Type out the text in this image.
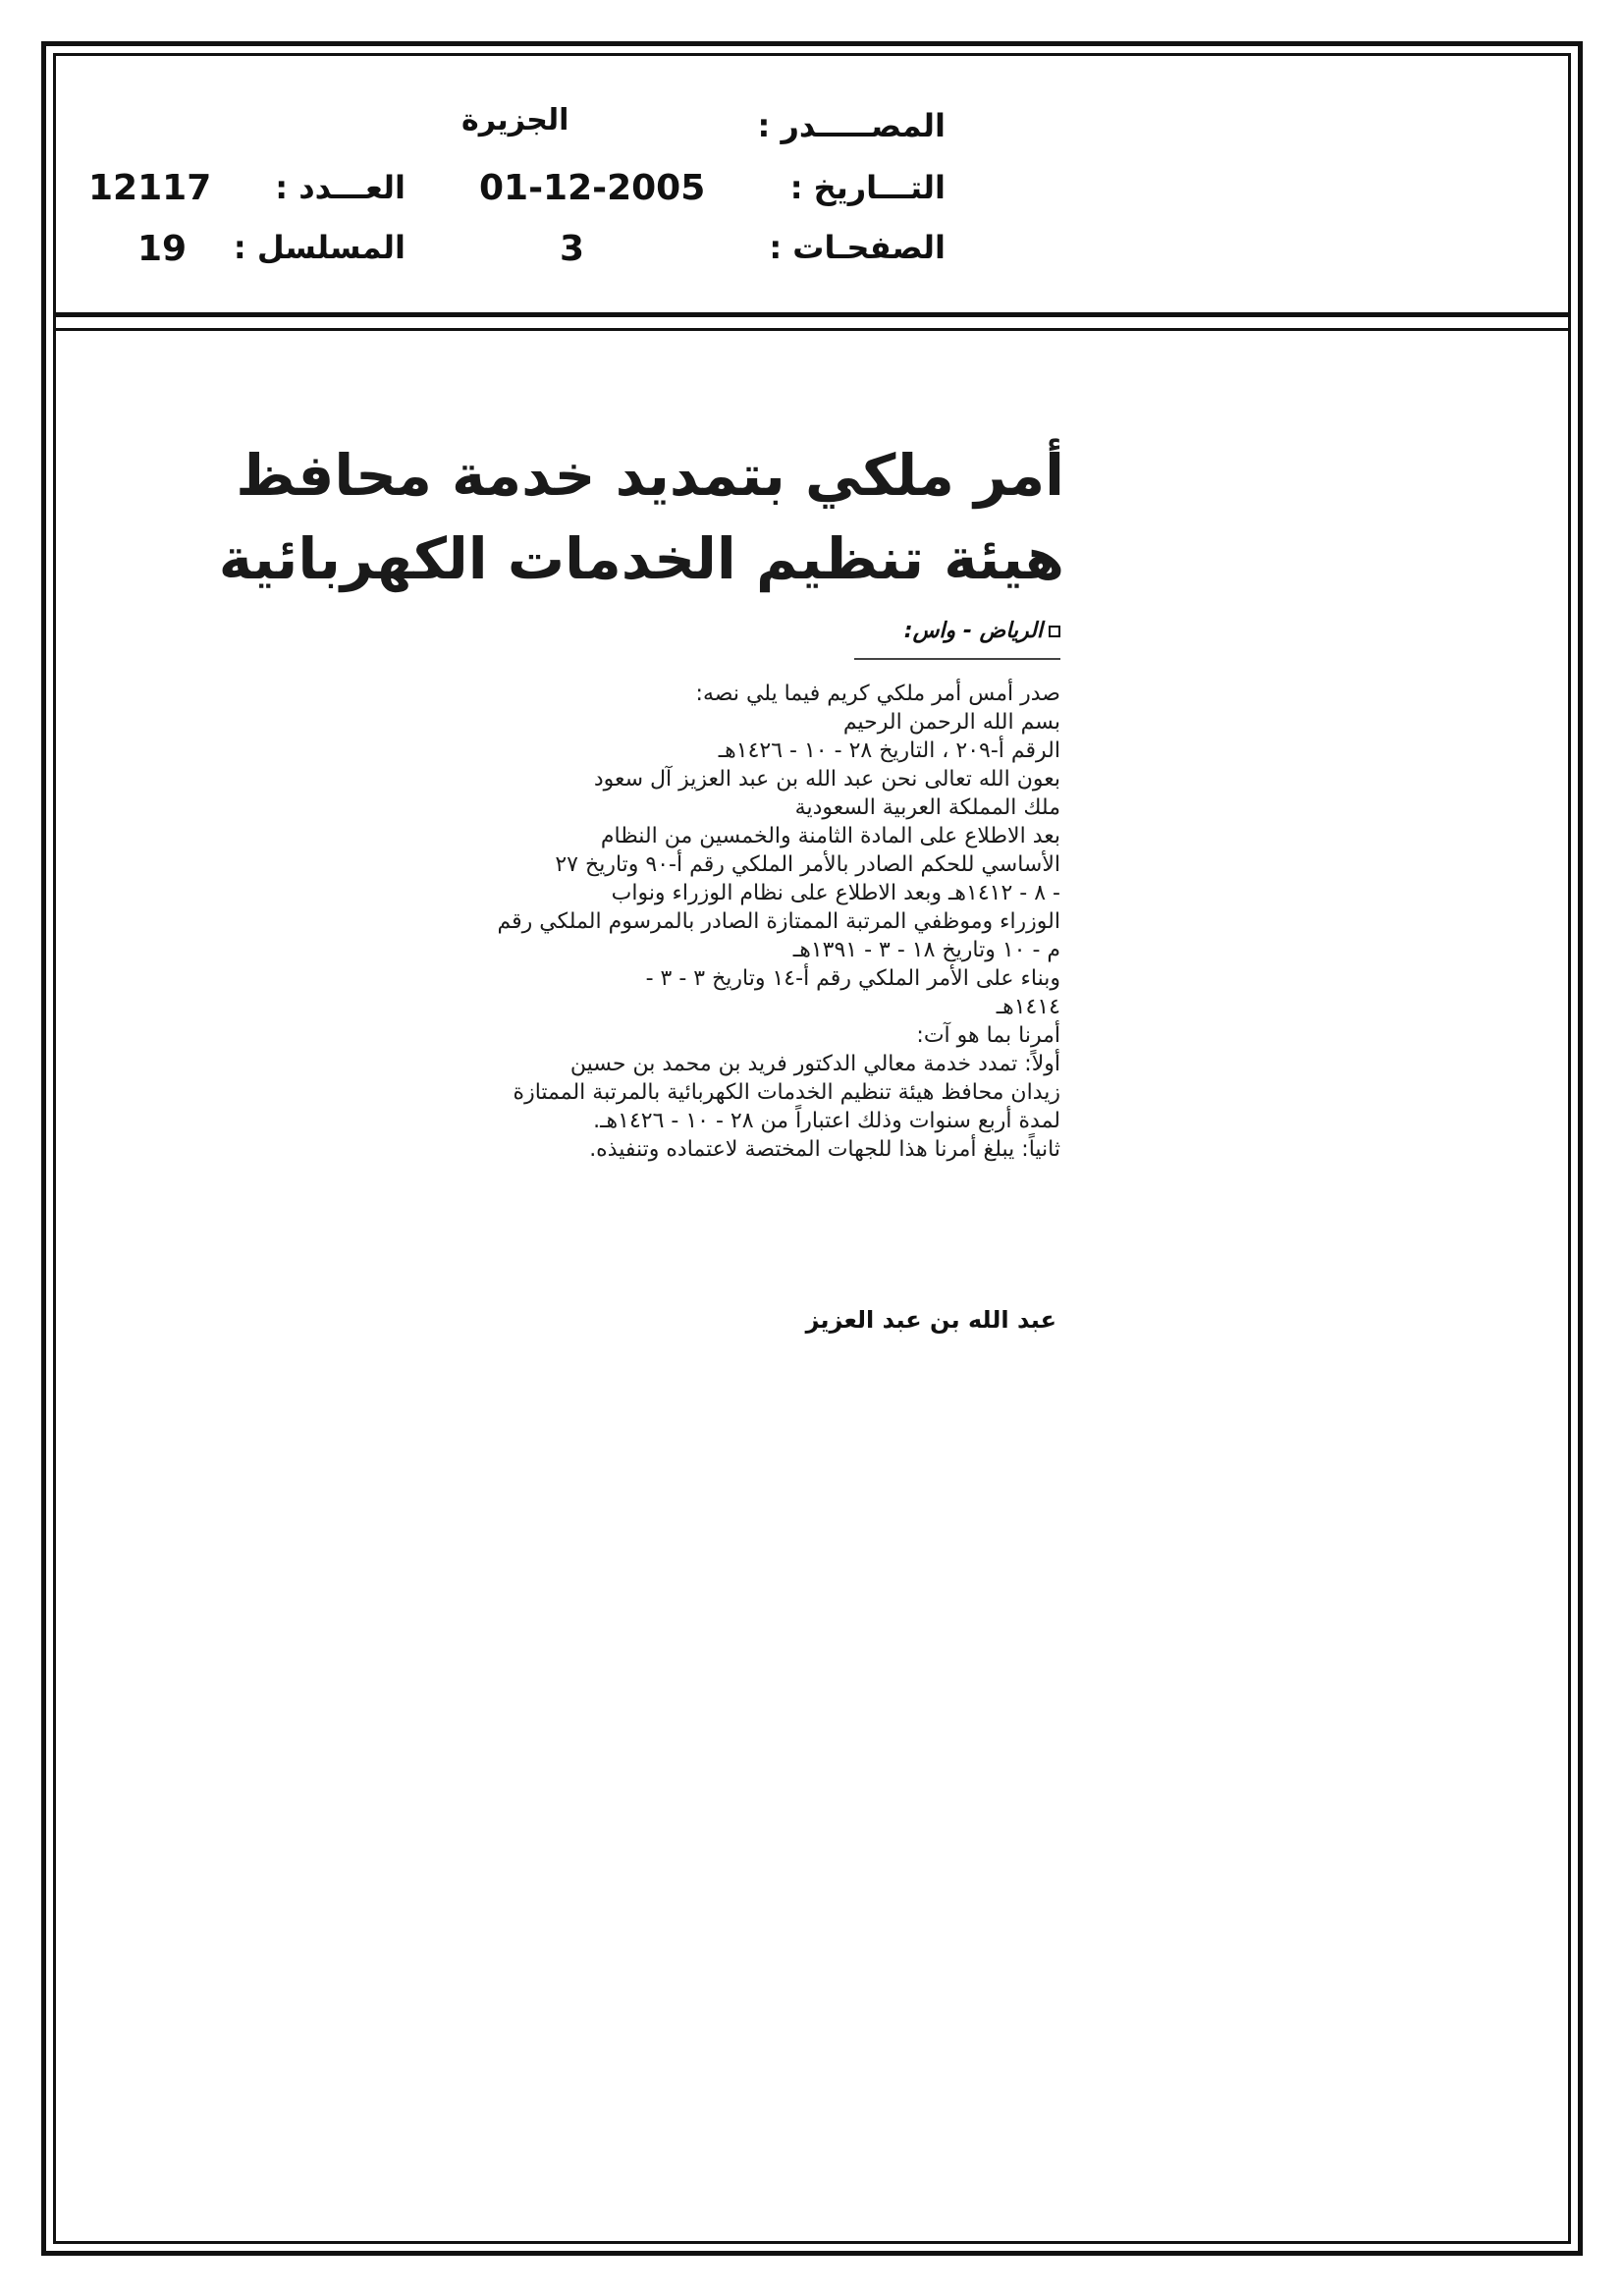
المصـــــدر :
الجزيرة
التـــاريخ :
01-12-2005
الصفحـات :
3
العـــدد :
12117
المسلسل :
19
أمر ملكي بتمديد خدمة محافظ
هيئة تنظيم الخدمات الكهربائية
الرياض - واس:
صدر أمس أمر ملكي كريم فيما يلي نصه:
بسم الله الرحمن الرحيم
الرقم أ-٢٠٩ ، التاريخ ٢٨ - ١٠ - ١٤٢٦هـ
بعون الله تعالى نحن عبد الله بن عبد العزيز آل سعود
ملك المملكة العربية السعودية
بعد الاطلاع على المادة الثامنة والخمسين من النظام
الأساسي للحكم الصادر بالأمر الملكي رقم أ-٩٠ وتاريخ ٢٧
- ٨ - ١٤١٢هـ وبعد الاطلاع على نظام الوزراء ونواب
الوزراء وموظفي المرتبة الممتازة الصادر بالمرسوم الملكي رقم
م - ١٠ وتاريخ ١٨ - ٣ - ١٣٩١هـ
وبناء على الأمر الملكي رقم أ-١٤ وتاريخ ٣ - ٣ -
١٤١٤هـ
أمرنا بما هو آت:
أولاً: تمدد خدمة معالي الدكتور فريد بن محمد بن حسين
زيدان محافظ هيئة تنظيم الخدمات الكهربائية بالمرتبة الممتازة
لمدة أربع سنوات وذلك اعتباراً من ٢٨ - ١٠ - ١٤٢٦هـ.
ثانياً: يبلغ أمرنا هذا للجهات المختصة لاعتماده وتنفيذه.
عبد الله بن عبد العزيز
